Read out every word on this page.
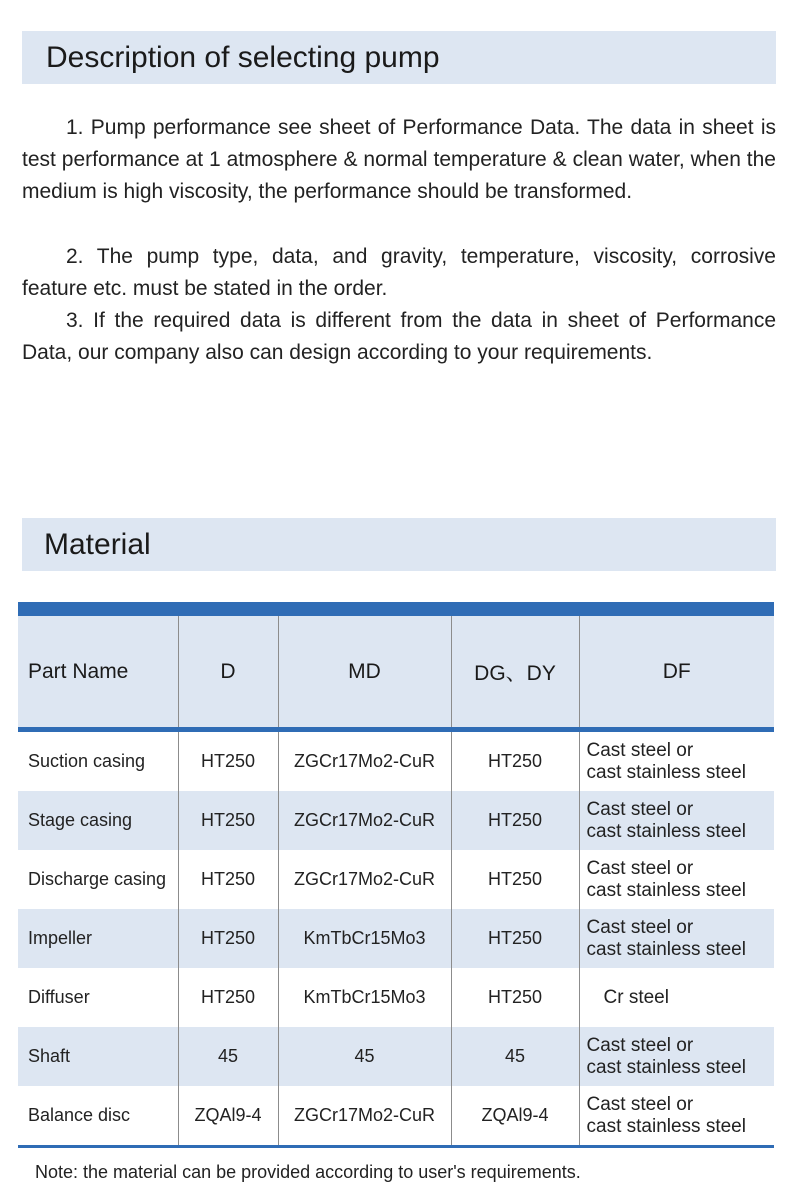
Description of selecting pump

1. Pump performance see sheet of Performance Data. The data in sheet is test performance at 1 atmosphere & normal temperature & clean water, when the medium is high viscosity, the performance should be transformed.

2. The pump type, data, and gravity, temperature, viscosity, corrosive feature etc. must be stated in the order.

3. If the required data is different from the data in sheet of Performance Data, our company also can design according to your requirements.

Material
Part Name	D	MD	DG、DY	DF
Suction casing	HT250	ZGCr17Mo2-CuR	HT250	Cast steel or
cast stainless steel
Stage casing	HT250	ZGCr17Mo2-CuR	HT250	Cast steel or
cast stainless steel
Discharge casing	HT250	ZGCr17Mo2-CuR	HT250	Cast steel or
cast stainless steel
Impeller	HT250	KmTbCr15Mo3	HT250	Cast steel or
cast stainless steel
Diffuser	HT250	KmTbCr15Mo3	HT250	Cr steel
Shaft	45	45	45	Cast steel or
cast stainless steel
Balance disc	ZQAl9-4	ZGCr17Mo2-CuR	ZQAl9-4	Cast steel or
cast stainless steel
Note: the material can be provided according to user's requirements.
